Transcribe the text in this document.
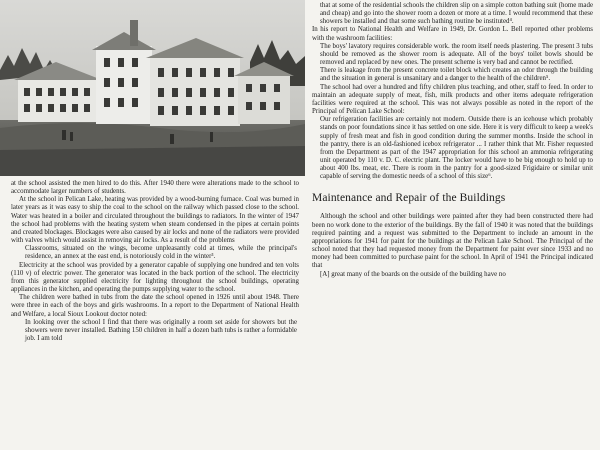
at the school assisted the men hired to do this. After 1940 there were alterations made to the school to accommodate larger numbers of students.

At the school in Pelican Lake, heating was provided by a wood-burning furnace. Coal was burned in later years as it was easy to ship the coal to the school on the railway which passed close to the school. Water was heated in a boiler and circulated throughout the buildings to radiators. In the winter of 1947 the school had problems with the heating system when steam condensed in the pipes at certain points and created blockages. Blockages were also caused by air locks and none of the radiators were provided with valves which would assist in removing air locks. As a result of the problems

Classrooms, situated on the wings, become unpleasantly cold at times, while the principal's residence, an annex at the east end, is notoriously cold in the winter³.

Electricity at the school was provided by a generator capable of supplying one hundred and ten volts (110 v) of electric power. The generator was located in the back portion of the school. The electricity from this generator supplied electricity for lighting throughout the school buildings, operating appliances in the kitchen, and operating the pumps supplying water to the school.

The children were bathed in tubs from the date the school opened in 1926 until about 1948. There were three in each of the boys and girls washrooms. In a report to the Department of National Health and Welfare, a local Sioux Lookout doctor noted:

In looking over the school I find that there was originally a room set aside for showers but the showers were never installed. Bathing 150 children in half a dozen bath tubs is rather a formidable job. I am told

that at some of the residential schools the children slip on a simple cotton bathing suit (home made and cheap) and go into the shower room a dozen or more at a time. I would recommend that these showers be installed and that some such bathing routine be instituted⁴.

In his report to National Health and Welfare in 1949, Dr. Gordon L. Bell reported other problems with the washroom facilities:

The boys' lavatory requires considerable work. the room itself needs plastering. The present 3 tubs should be removed as the shower room is adequate. All of the boys' toilet bowls should be removed and replaced by new ones. The present scheme is very bad and cannot be rectified.

There is leakage from the present concrete toilet block which creates an odor through the building and the situation in general is unsanitary and a danger to the health of the children⁵.

The school had over a hundred and fifty children plus teaching, and other, staff to feed. In order to maintain an adequate supply of meat, fish, milk products and other items adequate refrigeration facilities were required at the school. This was not always possible as noted in the report of the Principal of Pelican Lake School:

Our refrigeration facilities are certainly not modern. Outside there is an icehouse which probably stands on poor foundations since it has settled on one side. Here it is very difficult to keep a week's supply of fresh meat and fish in good condition during the summer months. Inside the school in the pantry, there is an old-fashioned icebox refrigerator ... I rather think that Mr. Fisher requested from the Department as part of the 1947 appropriation for this school an ammonia refrigerating unit operated by 110 v. D. C. electric plant. The locker would have to be big enough to hold up to about 400 lbs. meat, etc. There is room in the pantry for a good-sized Frigidaire or similar unit capable of serving the domestic needs of a school of this size⁶.

Maintenance and Repair of the Buildings

Although the school and other buildings were painted after they had been constructed there had been no work done to the exterior of the buildings. By the fall of 1940 it was noted that the buildings required painting and a request was submitted to the Department to include an amount in the appropriations for 1941 for paint for the buildings at the Pelican Lake School. The Principal of the school noted that they had requested money from the Department for paint ever since 1933 and no money had been committed to purchase paint for the school. In April of 1941 the Principal indicated that

[A] great many of the boards on the outside of the building have no
